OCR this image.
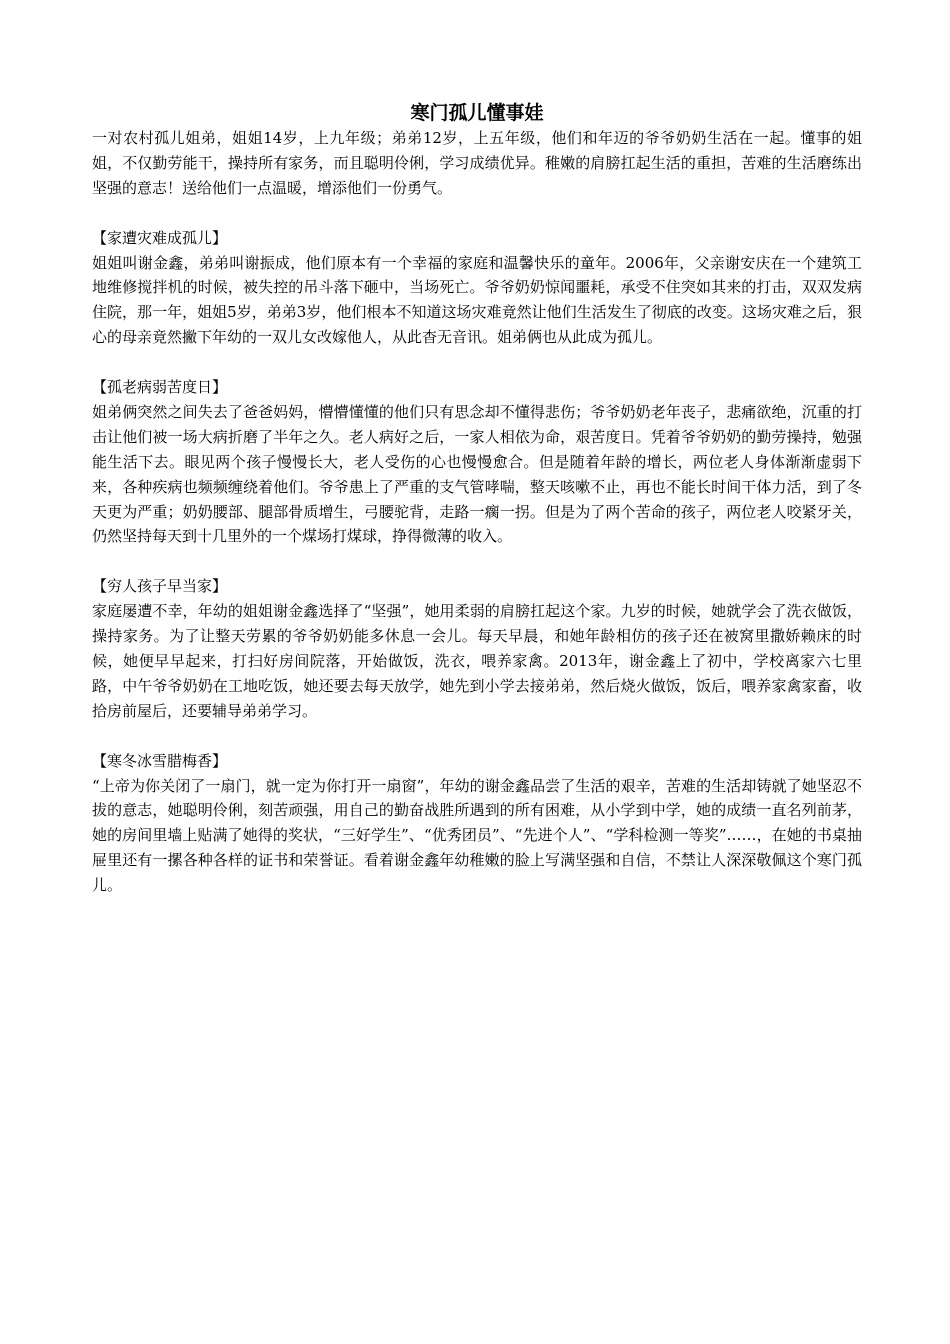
寒门孤儿懂事娃

一对农村孤儿姐弟，姐姐14岁，上九年级；弟弟12岁，上五年级，他们和年迈的爷爷奶奶生活在一起。懂事的姐姐，不仅勤劳能干，操持所有家务，而且聪明伶俐，学习成绩优异。稚嫩的肩膀扛起生活的重担，苦难的生活磨练出坚强的意志！送给他们一点温暖，增添他们一份勇气。

【家遭灾难成孤儿】

姐姐叫谢金鑫，弟弟叫谢振成，他们原本有一个幸福的家庭和温馨快乐的童年。2006年，父亲谢安庆在一个建筑工地维修搅拌机的时候，被失控的吊斗落下砸中，当场死亡。爷爷奶奶惊闻噩耗，承受不住突如其来的打击，双双发病住院，那一年，姐姐5岁，弟弟3岁，他们根本不知道这场灾难竟然让他们生活发生了彻底的改变。这场灾难之后，狠心的母亲竟然撇下年幼的一双儿女改嫁他人，从此杳无音讯。姐弟俩也从此成为孤儿。

【孤老病弱苦度日】

姐弟俩突然之间失去了爸爸妈妈，懵懵懂懂的他们只有思念却不懂得悲伤；爷爷奶奶老年丧子，悲痛欲绝，沉重的打击让他们被一场大病折磨了半年之久。老人病好之后，一家人相依为命，艰苦度日。凭着爷爷奶奶的勤劳操持，勉强能生活下去。眼见两个孩子慢慢长大，老人受伤的心也慢慢愈合。但是随着年龄的增长，两位老人身体渐渐虚弱下来，各种疾病也频频缠绕着他们。爷爷患上了严重的支气管哮喘，整天咳嗽不止，再也不能长时间干体力活，到了冬天更为严重；奶奶腰部、腿部骨质增生，弓腰驼背，走路一瘸一拐。但是为了两个苦命的孩子，两位老人咬紧牙关，仍然坚持每天到十几里外的一个煤场打煤球，挣得微薄的收入。

【穷人孩子早当家】

家庭屡遭不幸，年幼的姐姐谢金鑫选择了“坚强”，她用柔弱的肩膀扛起这个家。九岁的时候，她就学会了洗衣做饭，操持家务。为了让整天劳累的爷爷奶奶能多休息一会儿。每天早晨，和她年龄相仿的孩子还在被窝里撒娇赖床的时候，她便早早起来，打扫好房间院落，开始做饭，洗衣，喂养家禽。2013年，谢金鑫上了初中，学校离家六七里路，中午爷爷奶奶在工地吃饭，她还要去每天放学，她先到小学去接弟弟，然后烧火做饭，饭后，喂养家禽家畜，收拾房前屋后，还要辅导弟弟学习。

【寒冬冰雪腊梅香】

“上帝为你关闭了一扇门，就一定为你打开一扇窗”，年幼的谢金鑫品尝了生活的艰辛，苦难的生活却铸就了她坚忍不拔的意志，她聪明伶俐，刻苦顽强，用自己的勤奋战胜所遇到的所有困难，从小学到中学，她的成绩一直名列前茅，她的房间里墙上贴满了她得的奖状，“三好学生”、“优秀团员”、“先进个人”、“学科检测一等奖”……，在她的书桌抽屉里还有一摞各种各样的证书和荣誉证。看着谢金鑫年幼稚嫩的脸上写满坚强和自信，不禁让人深深敬佩这个寒门孤儿。
